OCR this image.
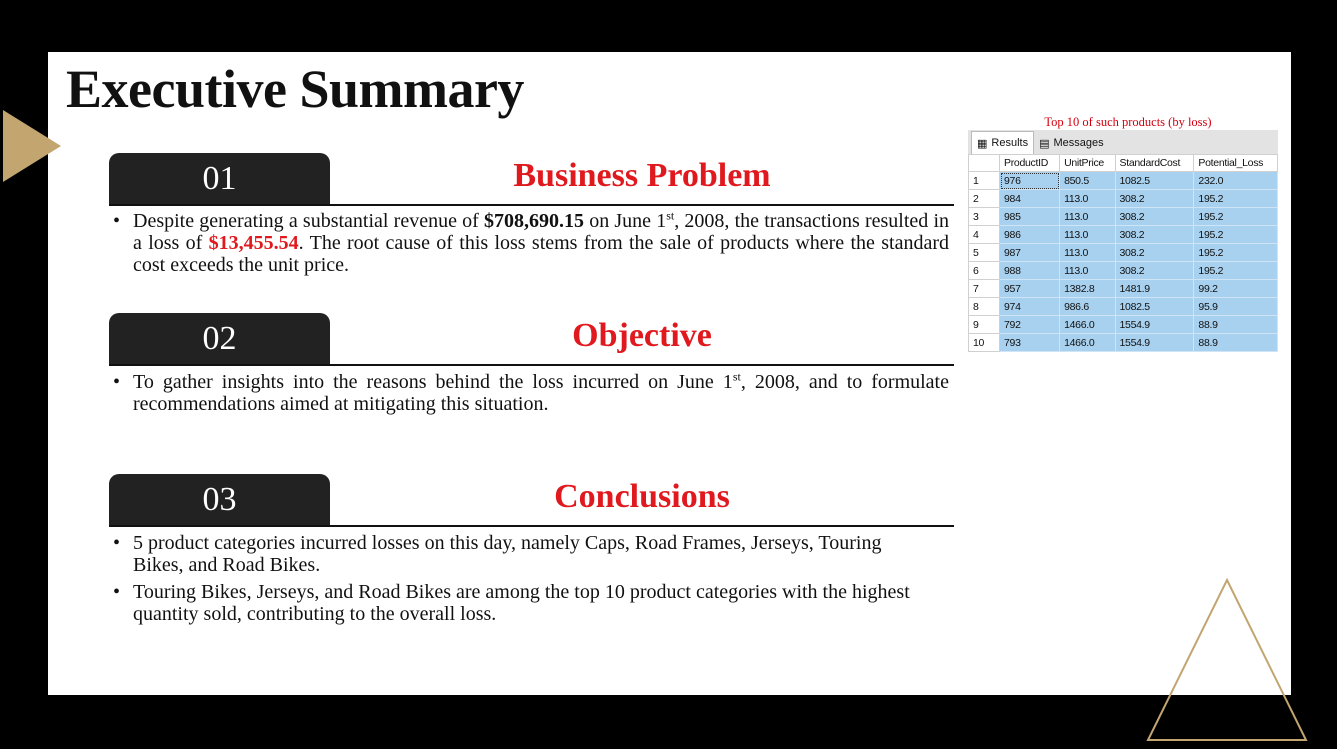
Executive Summary
01	Business Problem
• Despite generating a substantial revenue of $708,690.15 on June 1st, 2008, the transactions resulted in a loss of $13,455.54. The root cause of this loss stems from the sale of products where the standard cost exceeds the unit price.
02	Objective
• To gather insights into the reasons behind the loss incurred on June 1st, 2008, and to formulate recommendations aimed at mitigating this situation.
03	Conclusions
• 5 product categories incurred losses on this day, namely Caps, Road Frames, Jerseys, Touring Bikes, and Road Bikes.
• Touring Bikes, Jerseys, and Road Bikes are among the top 10 product categories with the highest quantity sold, contributing to the overall loss.
Top 10 of such products (by loss)
▦ Results ▤ Messages
	ProductID	UnitPrice	StandardCost	Potential_Loss
1	976	850.5	1082.5	232.0
2	984	113.0	308.2	195.2
3	985	113.0	308.2	195.2
4	986	113.0	308.2	195.2
5	987	113.0	308.2	195.2
6	988	113.0	308.2	195.2
7	957	1382.8	1481.9	99.2
8	974	986.6	1082.5	95.9
9	792	1466.0	1554.9	88.9
10	793	1466.0	1554.9	88.9
